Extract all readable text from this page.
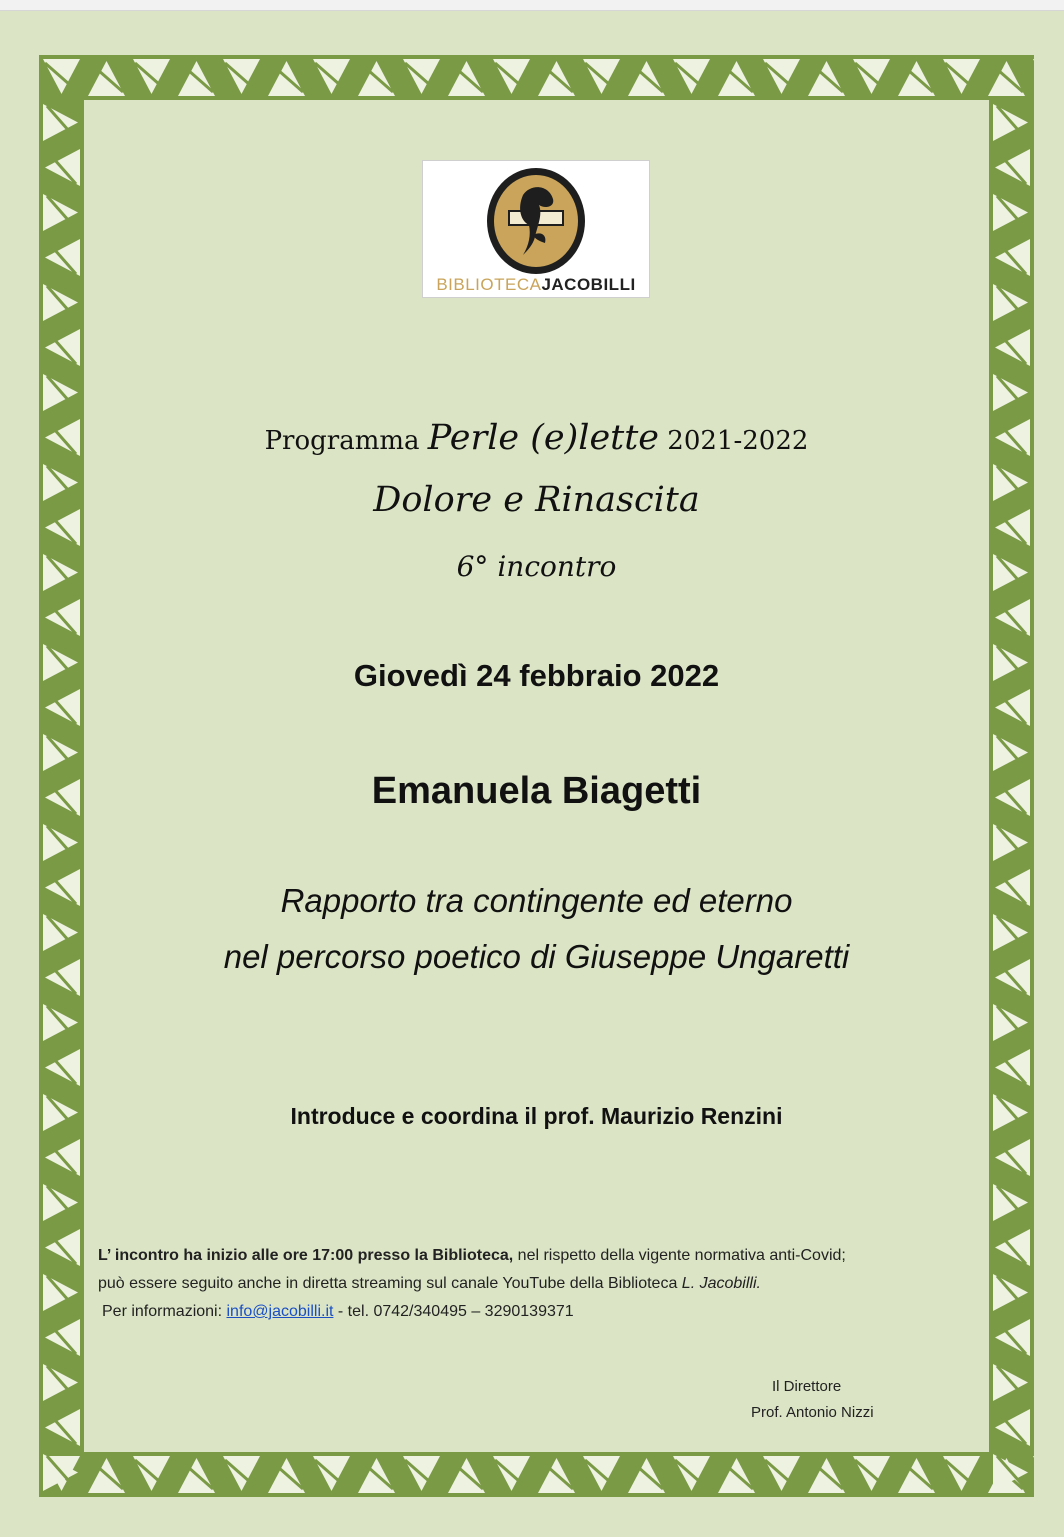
BIBLIOTECAJACOBILLI
Programma Perle (e)lette 2021-2022
Dolore e Rinascita
6° incontro
Giovedì 24 febbraio 2022
Emanuela Biagetti
Rapporto tra contingente ed eterno
nel percorso poetico di Giuseppe Ungaretti
Introduce e coordina il prof. Maurizio Renzini
L’ incontro ha inizio alle ore 17:00 presso la Biblioteca, nel rispetto della vigente normativa anti-Covid;
può essere seguito anche in diretta streaming sul canale YouTube della Biblioteca L. Jacobilli.
Per informazioni: info@jacobilli.it - tel. 0742/340495 – 3290139371
Il Direttore
Prof. Antonio Nizzi
